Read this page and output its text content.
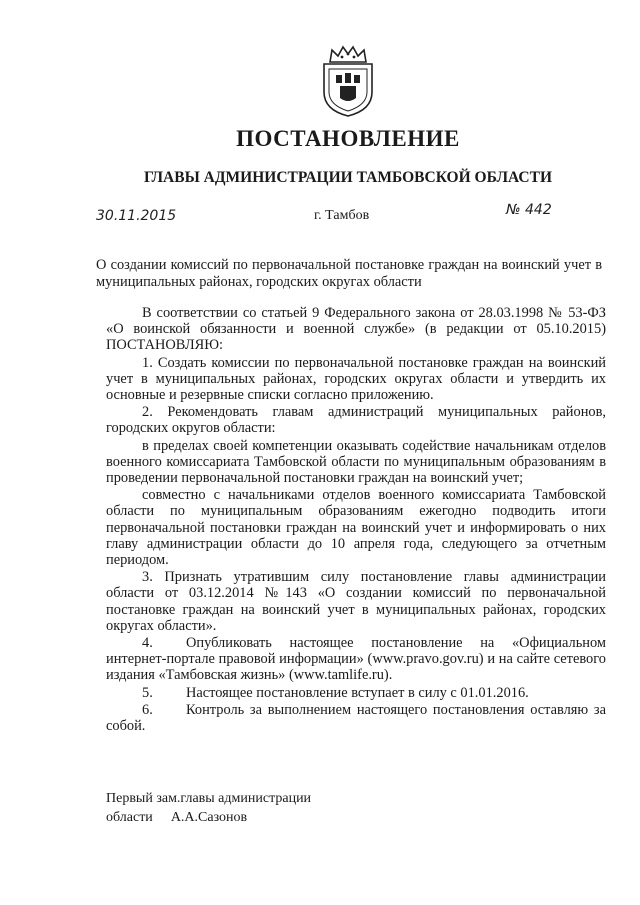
ПОСТАНОВЛЕНИЕ
ГЛАВЫ АДМИНИСТРАЦИИ ТАМБОВСКОЙ ОБЛАСТИ
30.11.2015	г. Тамбов	№ 442
О создании комиссий по первоначальной постановке граждан на воинский учет в муниципальных районах, городских округах области

В соответствии со статьей 9 Федерального закона от 28.03.1998 № 53-ФЗ «О воинской обязанности и военной службе» (в редакции от 05.10.2015) ПОСТАНОВЛЯЮ:

1. Создать комиссии по первоначальной постановке граждан на воинский учет в муниципальных районах, городских округах области и утвердить их основные и резервные списки согласно приложению.

2. Рекомендовать главам администраций муниципальных районов, городских округов области:

в пределах своей компетенции оказывать содействие начальникам отделов военного комиссариата Тамбовской области по муниципальным образованиям в проведении первоначальной постановки граждан на воинский учет;

совместно с начальниками отделов военного комиссариата Тамбовской области по муниципальным образованиям ежегодно подводить итоги первоначальной постановки граждан на воинский учет и информировать о них главу администрации области до 10 апреля года, следующего за отчетным периодом.

3. Признать утратившим силу постановление главы администрации области от 03.12.2014 №143 «О создании комиссий по первоначальной постановке граждан на воинский учет в муниципальных районах, городских округах области».

4. Опубликовать настоящее постановление на «Официальном интернет-портале правовой информации» (www.pravo.gov.ru) и на сайте сетевого издания «Тамбовская жизнь» (www.tamlife.ru).

5. Настоящее постановление вступает в силу с 01.01.2016.

6. Контроль за выполнением настоящего постановления оставляю за собой.

Первый зам.главы администрации
области А.А.Сазонов
